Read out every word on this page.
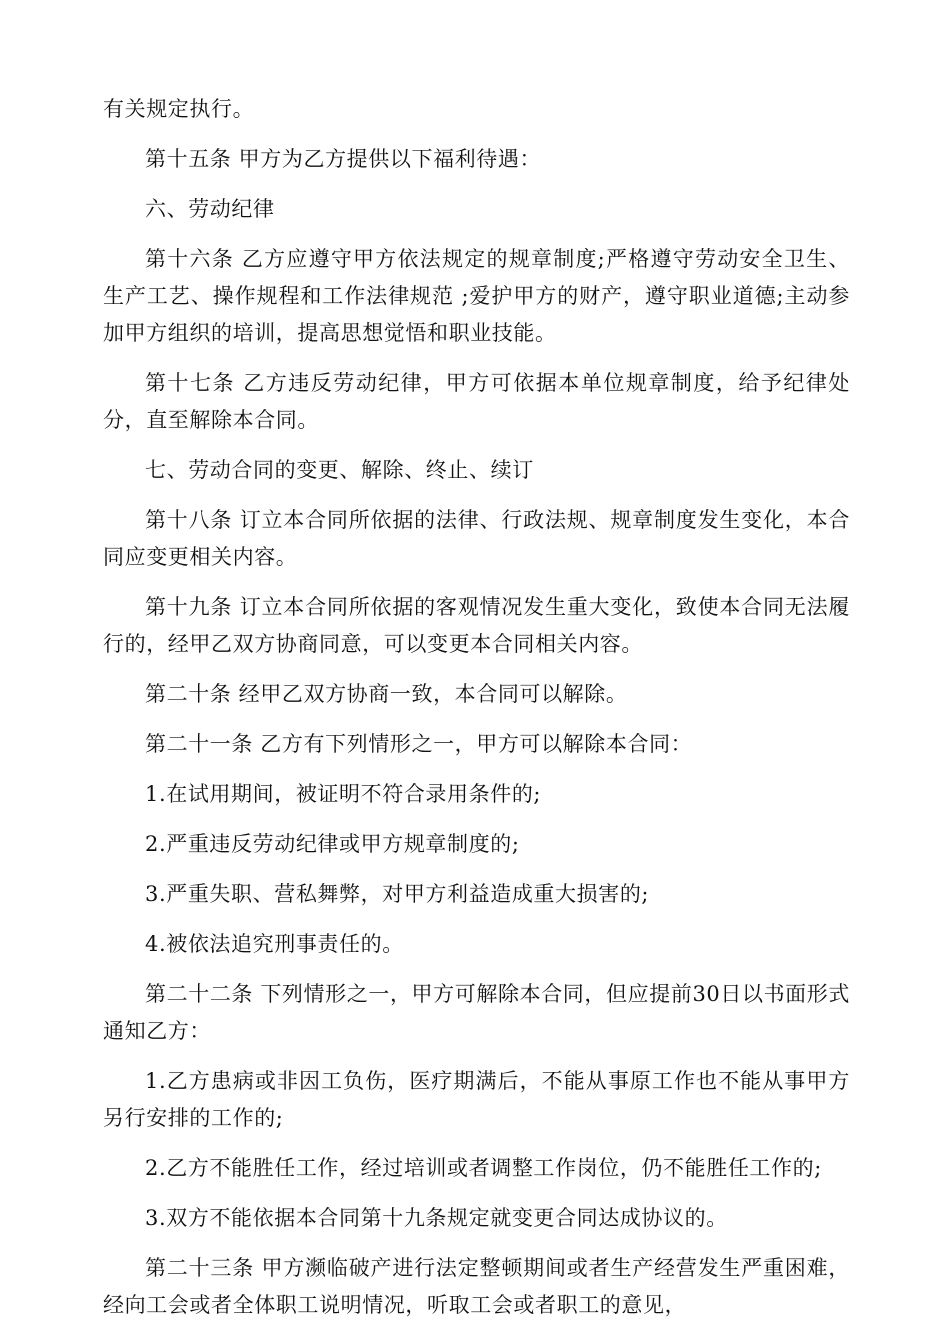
有关规定执行。

第十五条 甲方为乙方提供以下福利待遇：

六、劳动纪律

第十六条 乙方应遵守甲方依法规定的规章制度;严格遵守劳动安全卫生、生产工艺、操作规程和工作法律规范 ;爱护甲方的财产，遵守职业道德;主动参加甲方组织的培训，提高思想觉悟和职业技能。

第十七条 乙方违反劳动纪律，甲方可依据本单位规章制度，给予纪律处分，直至解除本合同。

七、劳动合同的变更、解除、终止、续订

第十八条 订立本合同所依据的法律、行政法规、规章制度发生变化，本合同应变更相关内容。

第十九条 订立本合同所依据的客观情况发生重大变化，致使本合同无法履行的，经甲乙双方协商同意，可以变更本合同相关内容。

第二十条 经甲乙双方协商一致，本合同可以解除。

第二十一条 乙方有下列情形之一，甲方可以解除本合同：

1.在试用期间，被证明不符合录用条件的;

2.严重违反劳动纪律或甲方规章制度的;

3.严重失职、营私舞弊，对甲方利益造成重大损害的;

4.被依法追究刑事责任的。

第二十二条 下列情形之一，甲方可解除本合同，但应提前30日以书面形式通知乙方：

1.乙方患病或非因工负伤，医疗期满后，不能从事原工作也不能从事甲方另行安排的工作的;

2.乙方不能胜任工作，经过培训或者调整工作岗位，仍不能胜任工作的;

3.双方不能依据本合同第十九条规定就变更合同达成协议的。

第二十三条 甲方濒临破产进行法定整顿期间或者生产经营发生严重困难，经向工会或者全体职工说明情况，听取工会或者职工的意见，
